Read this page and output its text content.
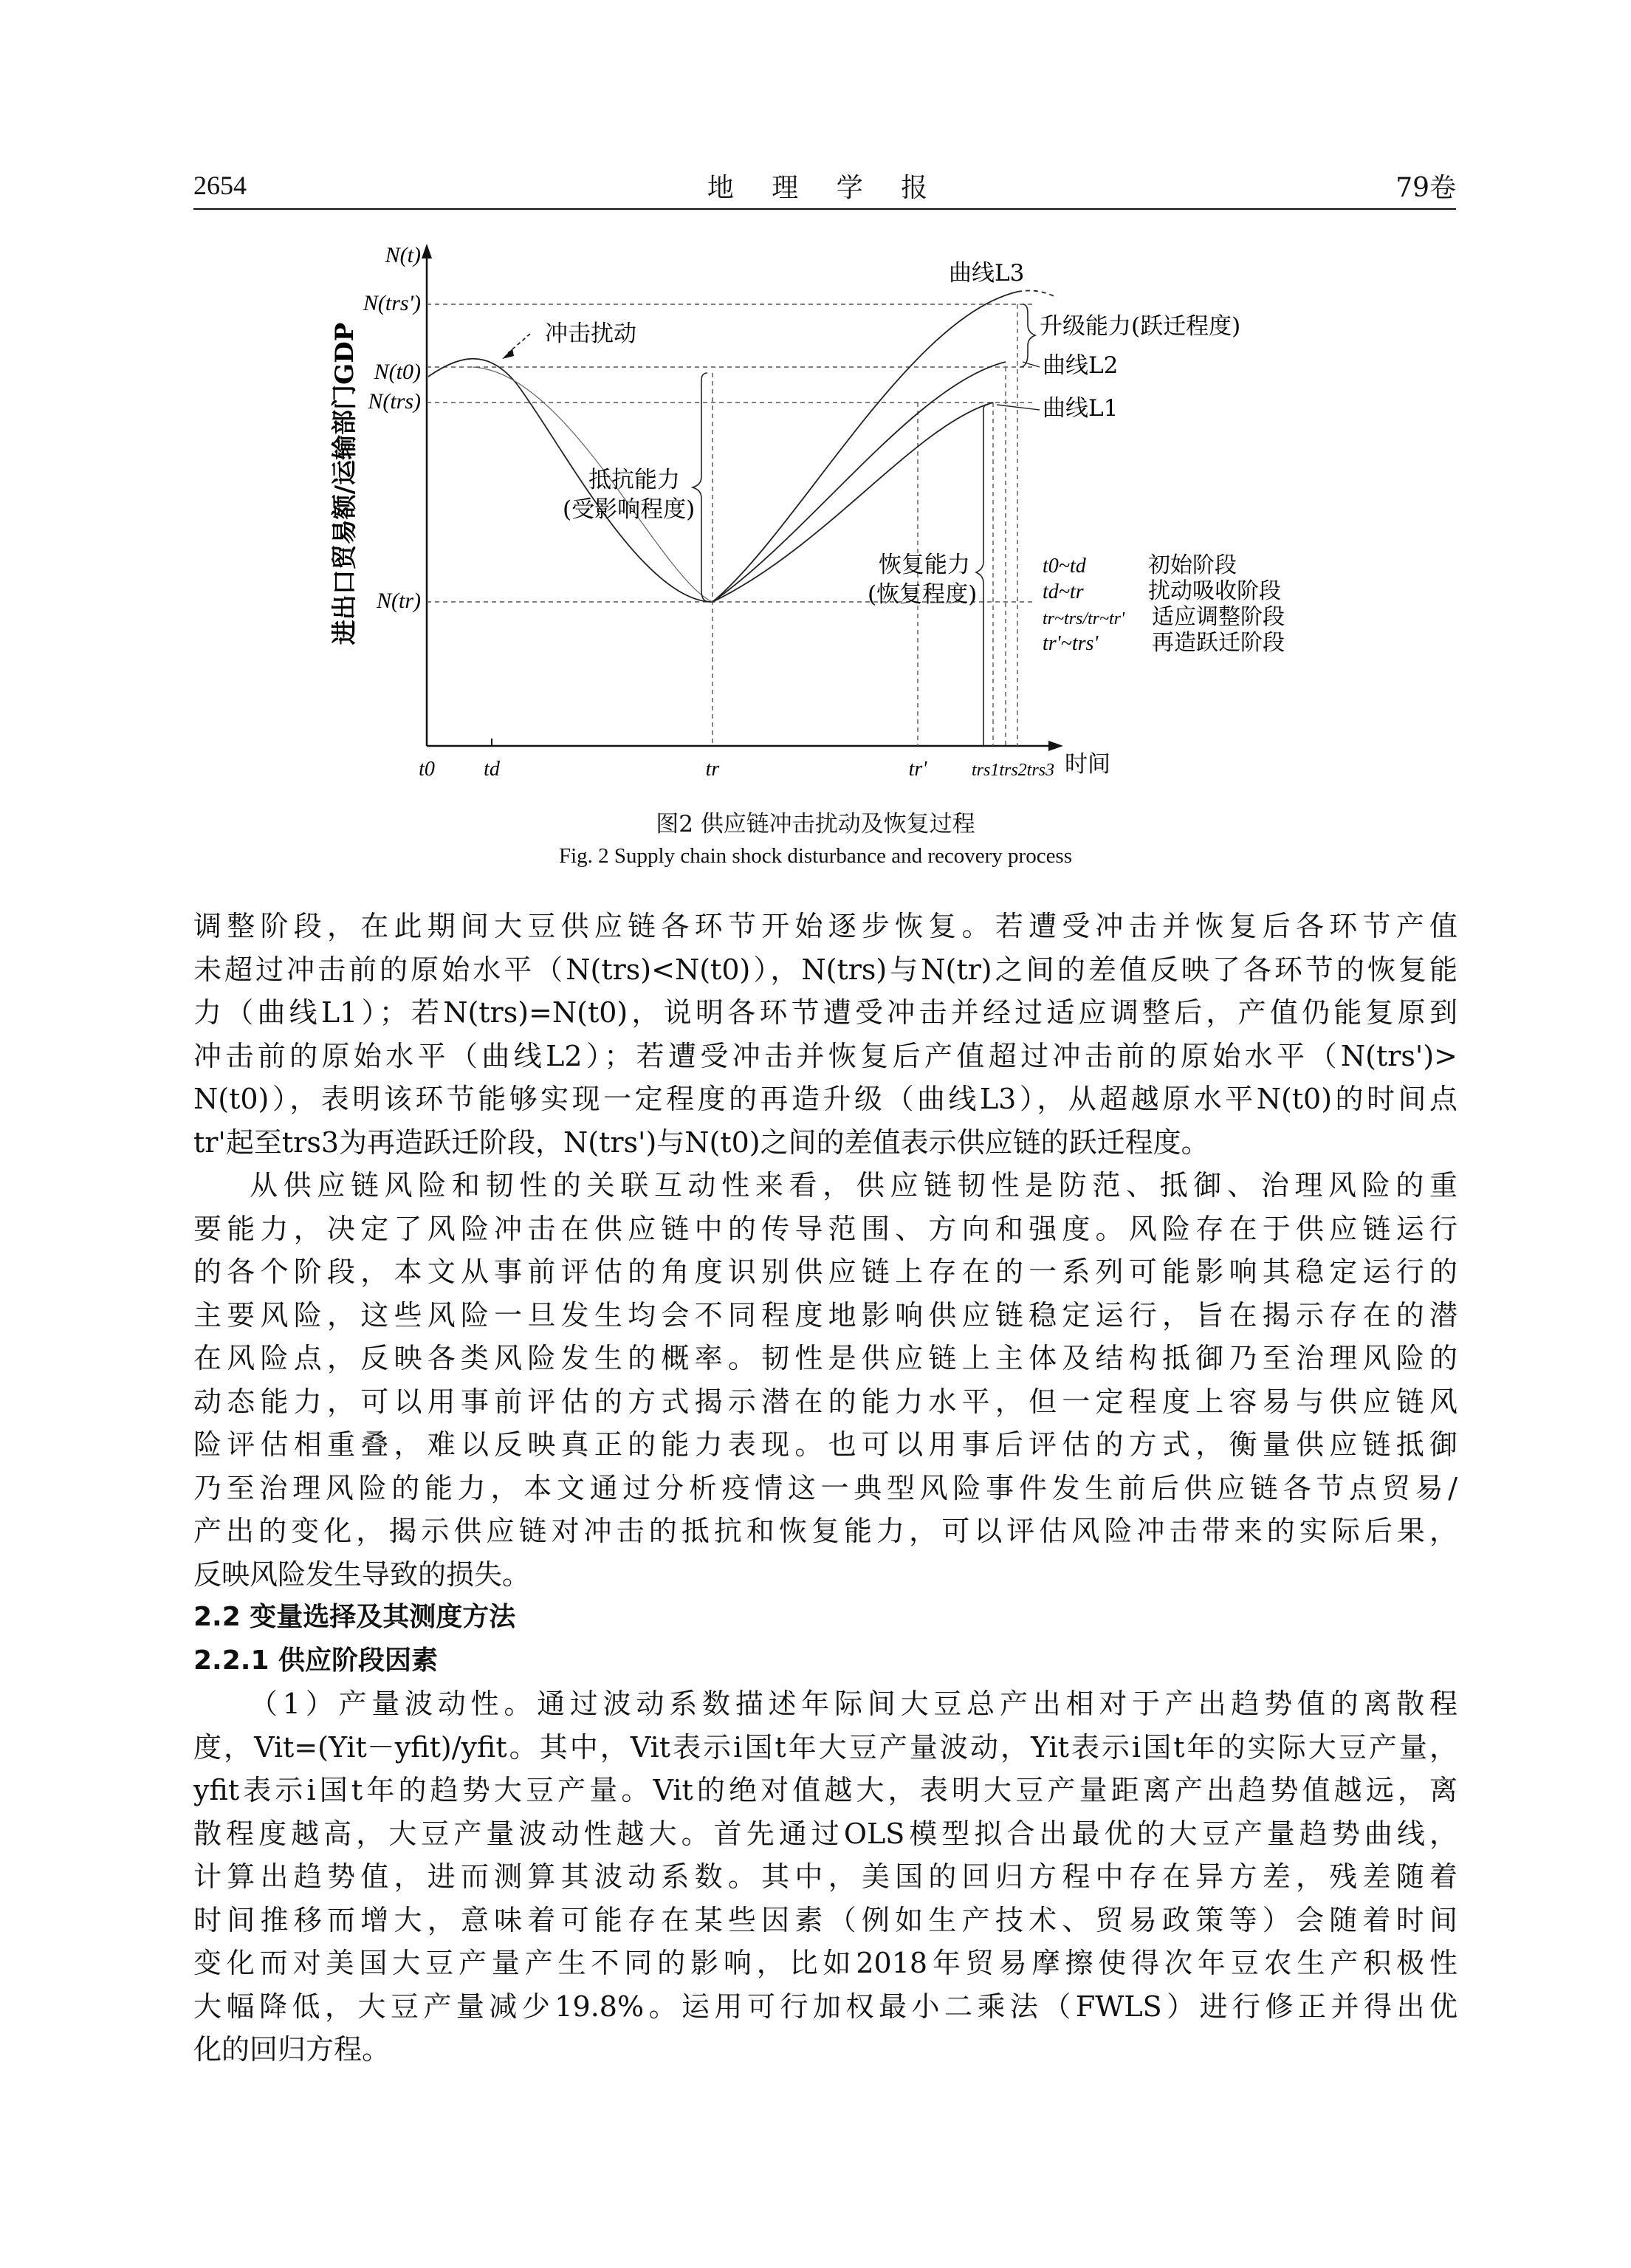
2654	地 理 学 报	79卷
进出口贸易额/运输部门GDP
N(t)
N(trs')
N(t0)
N(trs)
N(tr)
t0 td	tr	tr'	trs1trs2trs3 时间
冲击扰动
抵抗能力
(受影响程度)
恢复能力
(恢复程度)
升级能力(跃迁程度)
曲线L3
曲线L2
曲线L1
t0~td	初始阶段
td~tr	扰动吸收阶段
tr~trs/tr~tr' 适应调整阶段
tr'~trs' 再造跃迁阶段
图2 供应链冲击扰动及恢复过程
Fig. 2 Supply chain shock disturbance and recovery process

调整阶段，在此期间大豆供应链各环节开始逐步恢复。若遭受冲击并恢复后各环节产值
未超过冲击前的原始水平（N(trs)<N(t0)），N(trs)与N(tr)之间的差值反映了各环节的恢复能
力（曲线L1）；若N(trs)=N(t0)，说明各环节遭受冲击并经过适应调整后，产值仍能复原到
冲击前的原始水平（曲线L2）；若遭受冲击并恢复后产值超过冲击前的原始水平（N(trs')>
N(t0)），表明该环节能够实现一定程度的再造升级（曲线L3），从超越原水平N(t0)的时间点
tr'起至trs3为再造跃迁阶段，N(trs')与N(t0)之间的差值表示供应链的跃迁程度。

从供应链风险和韧性的关联互动性来看，供应链韧性是防范、抵御、治理风险的重
要能力，决定了风险冲击在供应链中的传导范围、方向和强度。风险存在于供应链运行
的各个阶段，本文从事前评估的角度识别供应链上存在的一系列可能影响其稳定运行的
主要风险，这些风险一旦发生均会不同程度地影响供应链稳定运行，旨在揭示存在的潜
在风险点，反映各类风险发生的概率。韧性是供应链上主体及结构抵御乃至治理风险的
动态能力，可以用事前评估的方式揭示潜在的能力水平，但一定程度上容易与供应链风
险评估相重叠，难以反映真正的能力表现。也可以用事后评估的方式，衡量供应链抵御
乃至治理风险的能力，本文通过分析疫情这一典型风险事件发生前后供应链各节点贸易/
产出的变化，揭示供应链对冲击的抵抗和恢复能力，可以评估风险冲击带来的实际后果，
反映风险发生导致的损失。

2.2 变量选择及其测度方法
2.2.1 供应阶段因素

（1）产量波动性。通过波动系数描述年际间大豆总产出相对于产出趋势值的离散程
度，Vit=(Yit－yfit)/yfit。其中，Vit表示i国t年大豆产量波动，Yit表示i国t年的实际大豆产量，
yfit表示i国t年的趋势大豆产量。Vit的绝对值越大，表明大豆产量距离产出趋势值越远，离
散程度越高，大豆产量波动性越大。首先通过OLS模型拟合出最优的大豆产量趋势曲线，
计算出趋势值，进而测算其波动系数。其中，美国的回归方程中存在异方差，残差随着
时间推移而增大，意味着可能存在某些因素（例如生产技术、贸易政策等）会随着时间
变化而对美国大豆产量产生不同的影响，比如2018年贸易摩擦使得次年豆农生产积极性
大幅降低，大豆产量减少19.8%。运用可行加权最小二乘法（FWLS）进行修正并得出优
化的回归方程。
